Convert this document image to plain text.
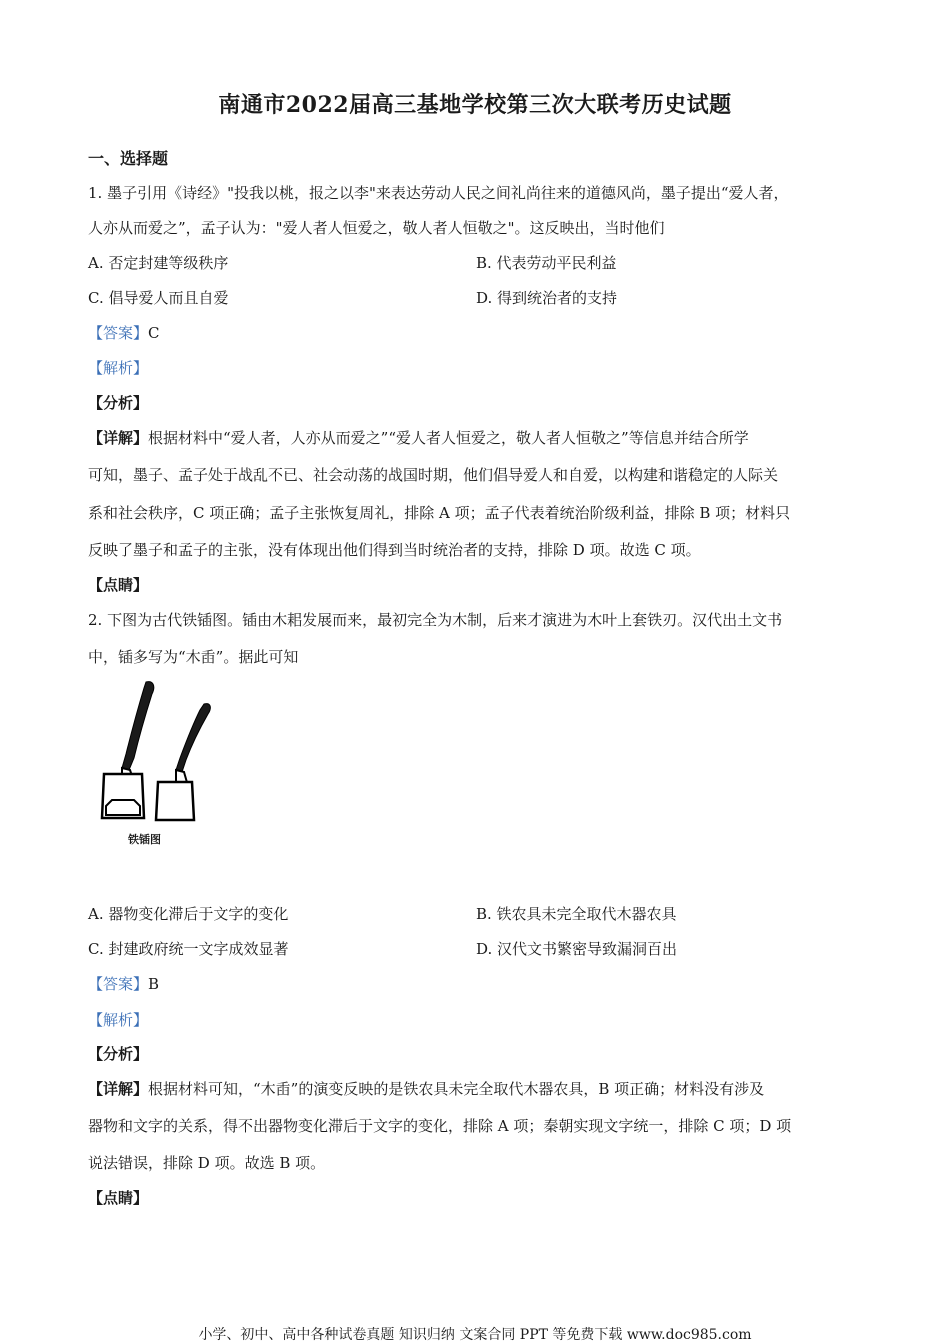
南通市2022届高三基地学校第三次大联考历史试题
一、选择题
1. 墨子引用《诗经》"投我以桃，报之以李"来表达劳动人民之间礼尚往来的道德风尚，墨子提出“爱人者，
人亦从而爱之”，孟子认为："爱人者人恒爱之，敬人者人恒敬之"。这反映出，当时他们
A. 否定封建等级秩序	B. 代表劳动平民利益
C. 倡导爱人而且自爱	D. 得到统治者的支持
【答案】C
【解析】
【分析】
【详解】根据材料中“爱人者，人亦从而爱之”“爱人者人恒爱之，敬人者人恒敬之”等信息并结合所学
可知，墨子、孟子处于战乱不已、社会动荡的战国时期，他们倡导爱人和自爱，以构建和谐稳定的人际关
系和社会秩序，C 项正确；孟子主张恢复周礼，排除 A 项；孟子代表着统治阶级利益，排除 B 项；材料只
反映了墨子和孟子的主张，没有体现出他们得到当时统治者的支持，排除 D 项。故选 C 项。
【点睛】
2. 下图为古代铁锸图。锸由木耜发展而来，最初完全为木制，后来才演进为木叶上套铁刃。汉代出土文书
中，锸多写为“木臿”。据此可知
铁锸图
A. 器物变化滞后于文字的变化	B. 铁农具未完全取代木器农具
C. 封建政府统一文字成效显著	D. 汉代文书繁密导致漏洞百出
【答案】B
【解析】
【分析】
【详解】根据材料可知，“木臿”的演变反映的是铁农具未完全取代木器农具，B 项正确；材料没有涉及
器物和文字的关系，得不出器物变化滞后于文字的变化，排除 A 项；秦朝实现文字统一，排除 C 项；D 项
说法错误，排除 D 项。故选 B 项。
【点睛】
小学、初中、高中各种试卷真题 知识归纳 文案合同 PPT 等免费下载 www.doc985.com
